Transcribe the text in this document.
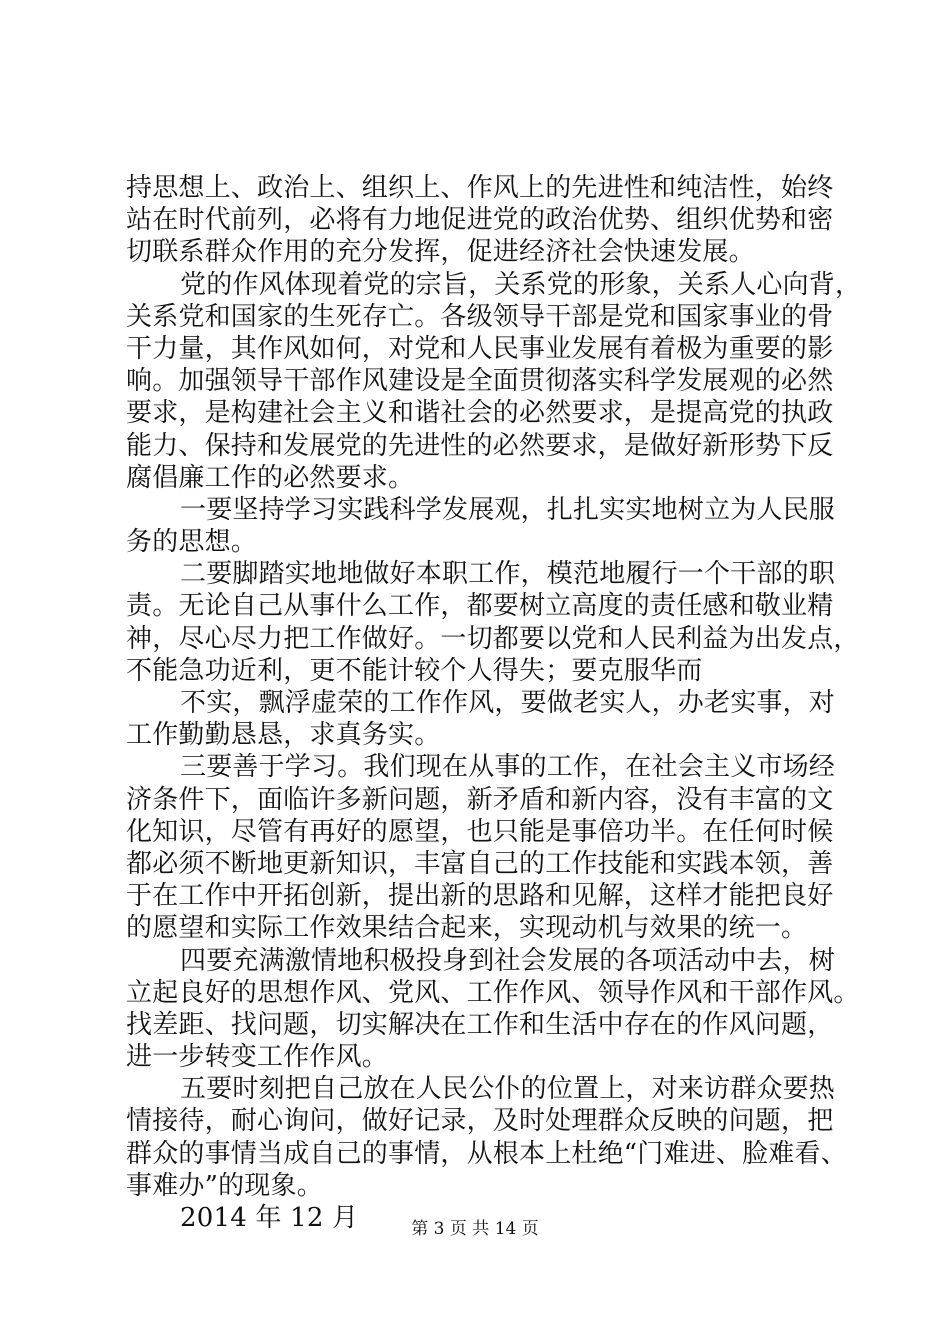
持思想上、政治上、组织上、作风上的先进性和纯洁性，始终
站在时代前列，必将有力地促进党的政治优势、组织优势和密
切联系群众作用的充分发挥，促进经济社会快速发展。
党的作风体现着党的宗旨，关系党的形象，关系人心向背，
关系党和国家的生死存亡。各级领导干部是党和国家事业的骨
干力量，其作风如何，对党和人民事业发展有着极为重要的影
响。加强领导干部作风建设是全面贯彻落实科学发展观的必然
要求，是构建社会主义和谐社会的必然要求，是提高党的执政
能力、保持和发展党的先进性的必然要求，是做好新形势下反
腐倡廉工作的必然要求。
一要坚持学习实践科学发展观，扎扎实实地树立为人民服
务的思想。
二要脚踏实地地做好本职工作，模范地履行一个干部的职
责。无论自己从事什么工作，都要树立高度的责任感和敬业精
神，尽心尽力把工作做好。一切都要以党和人民利益为出发点，
不能急功近利，更不能计较个人得失；要克服华而
不实，飘浮虚荣的工作作风，要做老实人，办老实事，对
工作勤勤恳恳，求真务实。
三要善于学习。我们现在从事的工作，在社会主义市场经
济条件下，面临许多新问题，新矛盾和新内容，没有丰富的文
化知识，尽管有再好的愿望，也只能是事倍功半。在任何时候
都必须不断地更新知识，丰富自己的工作技能和实践本领，善
于在工作中开拓创新，提出新的思路和见解，这样才能把良好
的愿望和实际工作效果结合起来，实现动机与效果的统一。
四要充满激情地积极投身到社会发展的各项活动中去，树
立起良好的思想作风、党风、工作作风、领导作风和干部作风。
找差距、找问题，切实解决在工作和生活中存在的作风问题，
进一步转变工作作风。
五要时刻把自己放在人民公仆的位置上，对来访群众要热
情接待，耐心询问，做好记录，及时处理群众反映的问题，把
群众的事情当成自己的事情，从根本上杜绝“门难进、脸难看、
事难办”的现象。
2014 年 12 月	第 3 页 共 14 页
